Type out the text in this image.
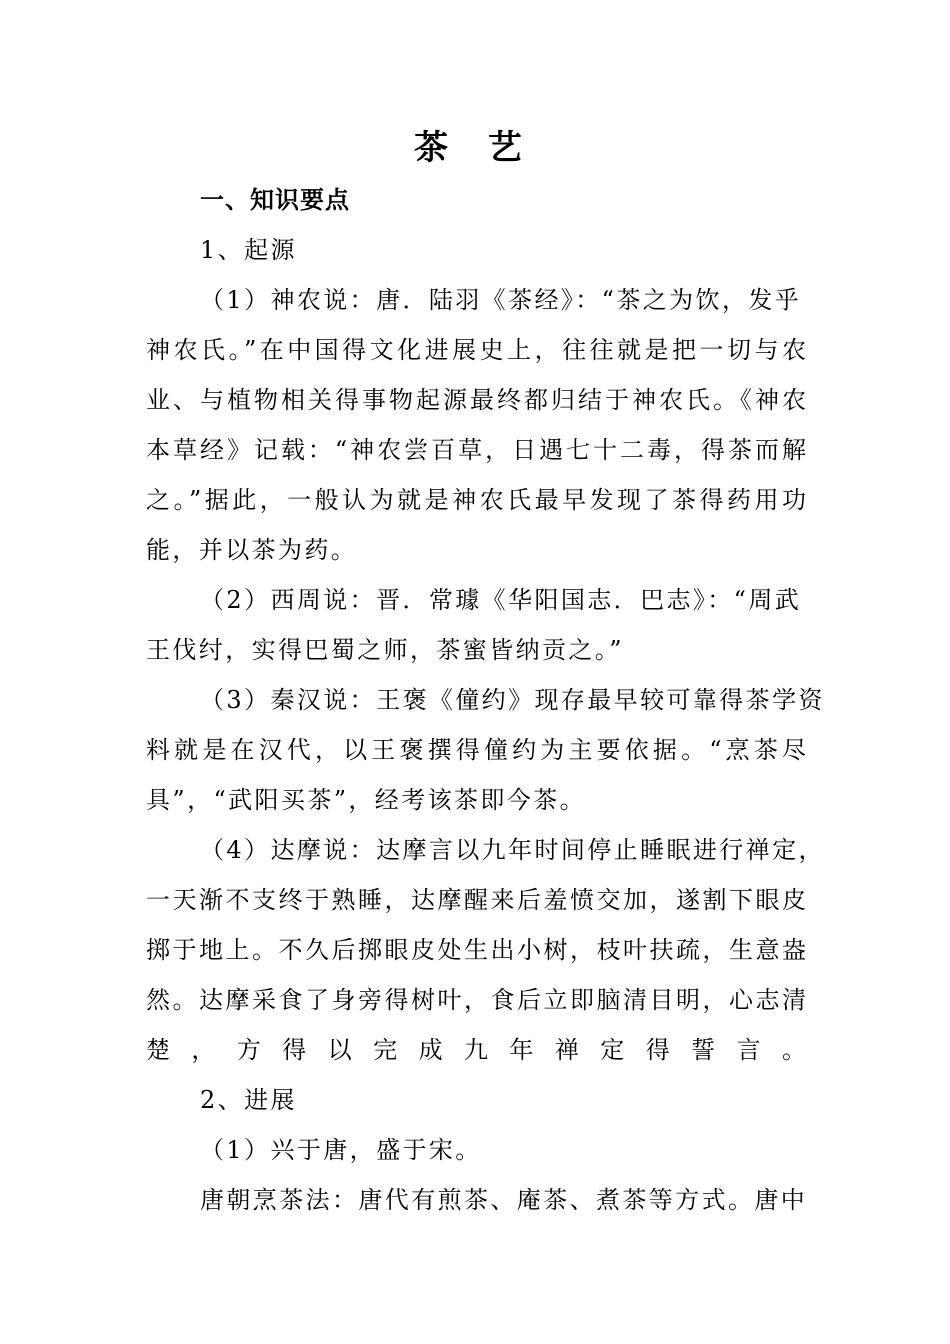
茶 艺
一、知识要点
1、起源
（1）神农说：唐．陆羽《茶经》：“茶之为饮，发乎
神农氏。”在中国得文化进展史上，往往就是把一切与农
业、与植物相关得事物起源最终都归结于神农氏。《神农
本草经》记载：“神农尝百草，日遇七十二毒，得茶而解
之。”据此，一般认为就是神农氏最早发现了茶得药用功
能，并以茶为药。
（2）西周说：晋．常璩《华阳国志．巴志》：“周武
王伐纣，实得巴蜀之师，茶蜜皆纳贡之。”
（3）秦汉说：王褒《僮约》现存最早较可靠得茶学资
料就是在汉代，以王褒撰得僮约为主要依据。“烹茶尽
具”，“武阳买茶”，经考该茶即今茶。
（4）达摩说：达摩言以九年时间停止睡眠进行禅定，
一天渐不支终于熟睡，达摩醒来后羞愤交加，遂割下眼皮
掷于地上。不久后掷眼皮处生出小树，枝叶扶疏，生意盎
然。达摩采食了身旁得树叶，食后立即脑清目明，心志清
楚，方得以完成九年禅定得誓言。
2、进展
（1）兴于唐，盛于宋。
唐朝烹茶法：唐代有煎茶、庵茶、煮茶等方式。唐中
